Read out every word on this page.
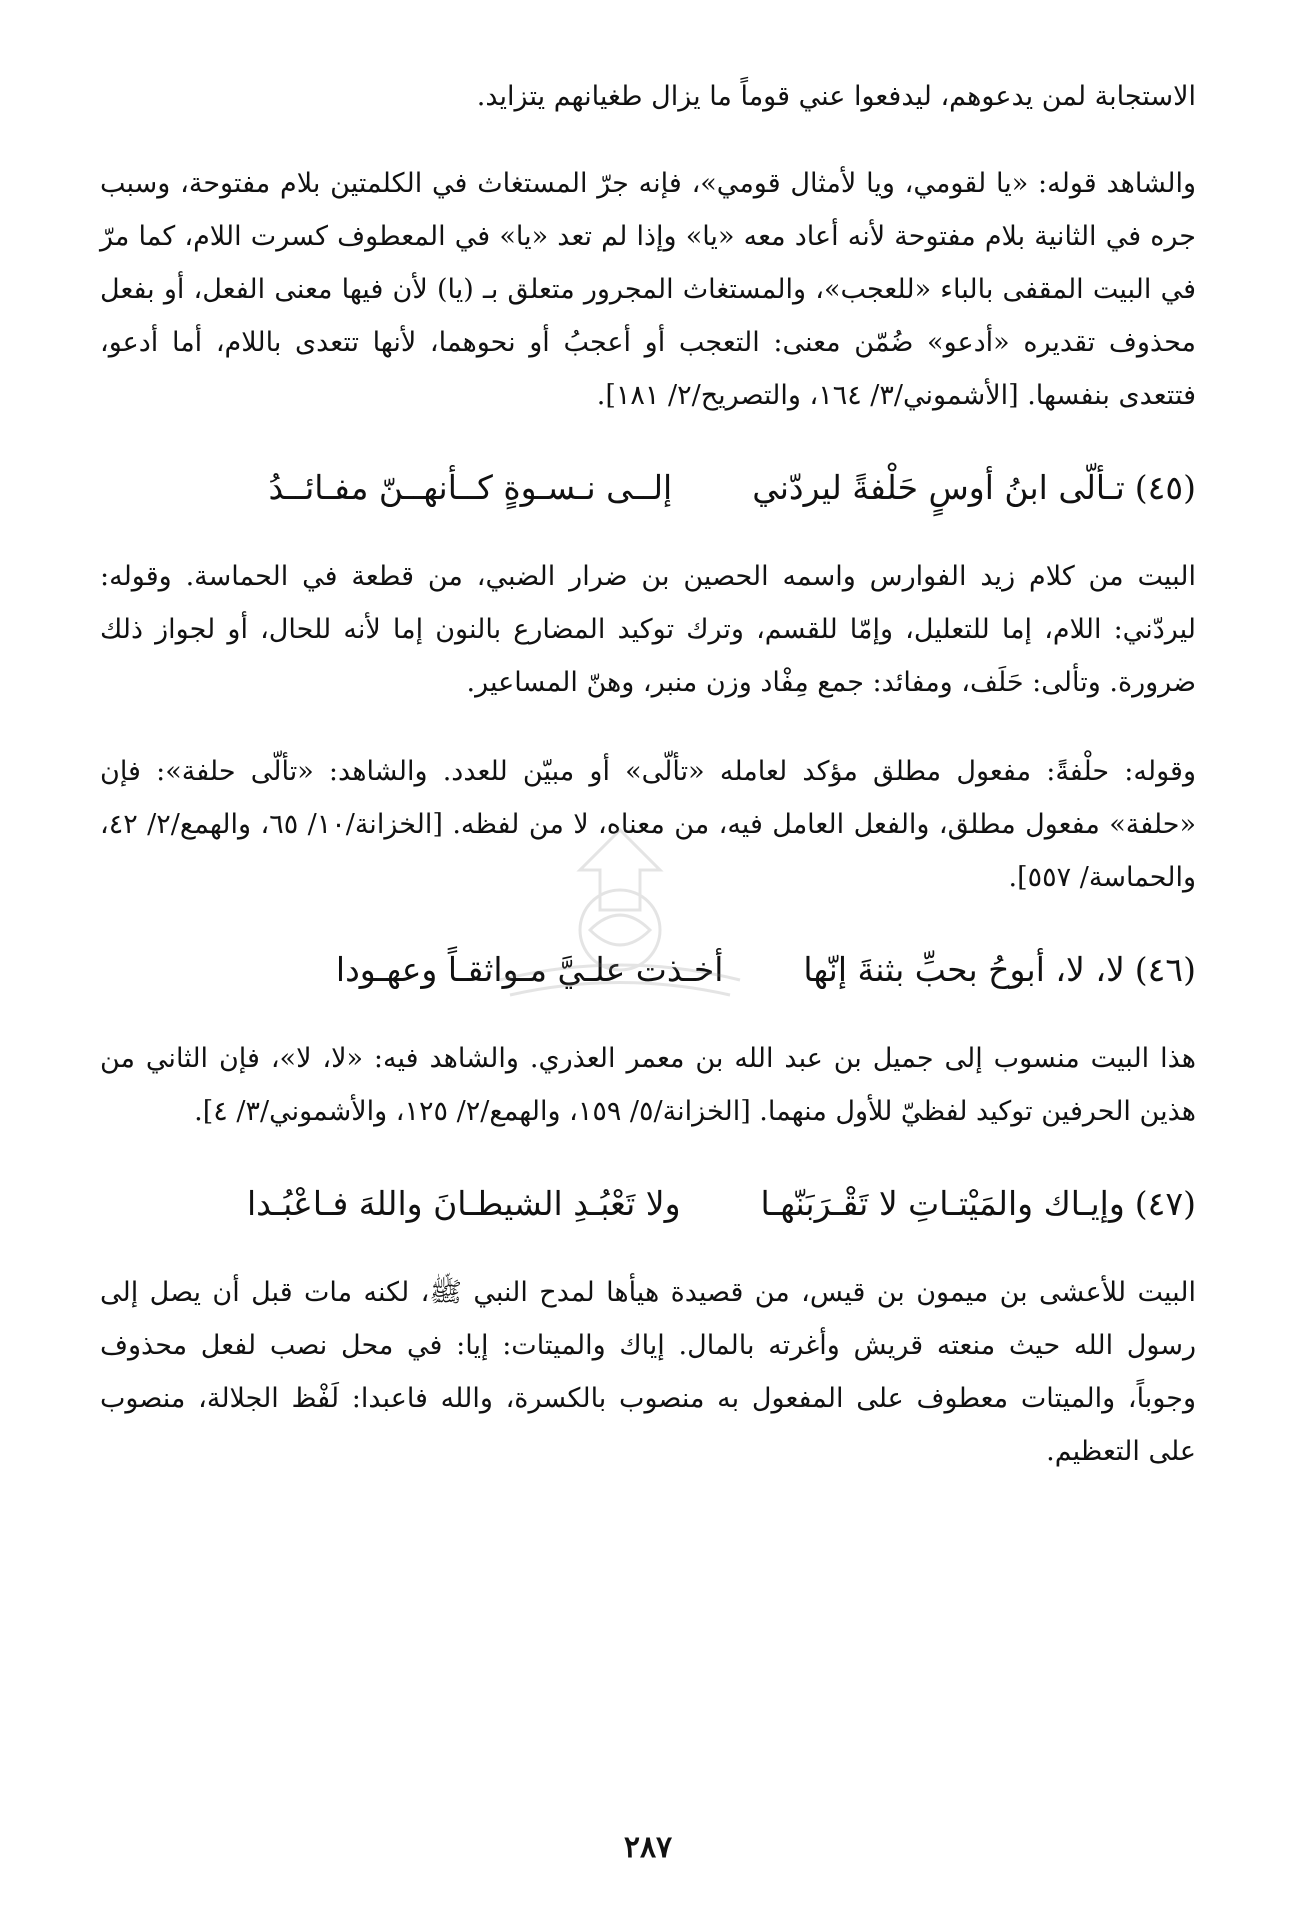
الاستجابة لمن يدعوهم، ليدفعوا عني قوماً ما يزال طغيانهم يتزايد.

والشاهد قوله: «يا لقومي، ويا لأمثال قومي»، فإنه جرّ المستغاث في الكلمتين بلام مفتوحة، وسبب جره في الثانية بلام مفتوحة لأنه أعاد معه «يا» وإذا لم تعد «يا» في المعطوف كسرت اللام، كما مرّ في البيت المقفى بالباء «للعجب»، والمستغاث المجرور متعلق بـ (يا) لأن فيها معنى الفعل، أو بفعل محذوف تقديره «أدعو» ضُمّن معنى: التعجب أو أعجبُ أو نحوهما، لأنها تتعدى باللام، أما أدعو، فتتعدى بنفسها. [الأشموني/٣/ ١٦٤، والتصريح/٢/ ١٨١].

(٤٥)
تـألّى ابنُ أوسٍ حَلْفةً ليردّني
إلــى نـسـوةٍ كــأنهــنّ مفـائــدُ

البيت من كلام زيد الفوارس واسمه الحصين بن ضرار الضبي، من قطعة في الحماسة. وقوله: ليردّني: اللام، إما للتعليل، وإمّا للقسم، وترك توكيد المضارع بالنون إما لأنه للحال، أو لجواز ذلك ضرورة. وتألى: حَلَف، ومفائد: جمع مِفْاد وزن منبر، وهنّ المساعير.

وقوله: حلْفةً: مفعول مطلق مؤكد لعامله «تألّى» أو مبيّن للعدد. والشاهد: «تألّى حلفة»: فإن «حلفة» مفعول مطلق، والفعل العامل فيه، من معناه، لا من لفظه. [الخزانة/١٠/ ٦٥، والهمع/٢/ ٤٢، والحماسة/ ٥٥٧].

(٤٦)
لا، لا، أبوحُ بحبِّ بثنةَ إنّها
أخـذت علـيَّ مـواثقـاً وعهـودا

هذا البيت منسوب إلى جميل بن عبد الله بن معمر العذري. والشاهد فيه: «لا، لا»، فإن الثاني من هذين الحرفين توكيد لفظيّ للأول منهما. [الخزانة/٥/ ١٥٩، والهمع/٢/ ١٢٥، والأشموني/٣/ ٤].

(٤٧)
وإيـاك والمَيْتـاتِ لا تَقْـرَبَنّهـا
ولا تَعْبُـدِ الشيطـانَ واللهَ فـاعْبُـدا

البيت للأعشى بن ميمون بن قيس، من قصيدة هيأها لمدح النبي ﷺ، لكنه مات قبل أن يصل إلى رسول الله حيث منعته قريش وأغرته بالمال. إياك والميتات: إيا: في محل نصب لفعل محذوف وجوباً، والميتات معطوف على المفعول به منصوب بالكسرة، والله فاعبدا: لَفْظ الجلالة، منصوب على التعظيم.

٢٨٧
